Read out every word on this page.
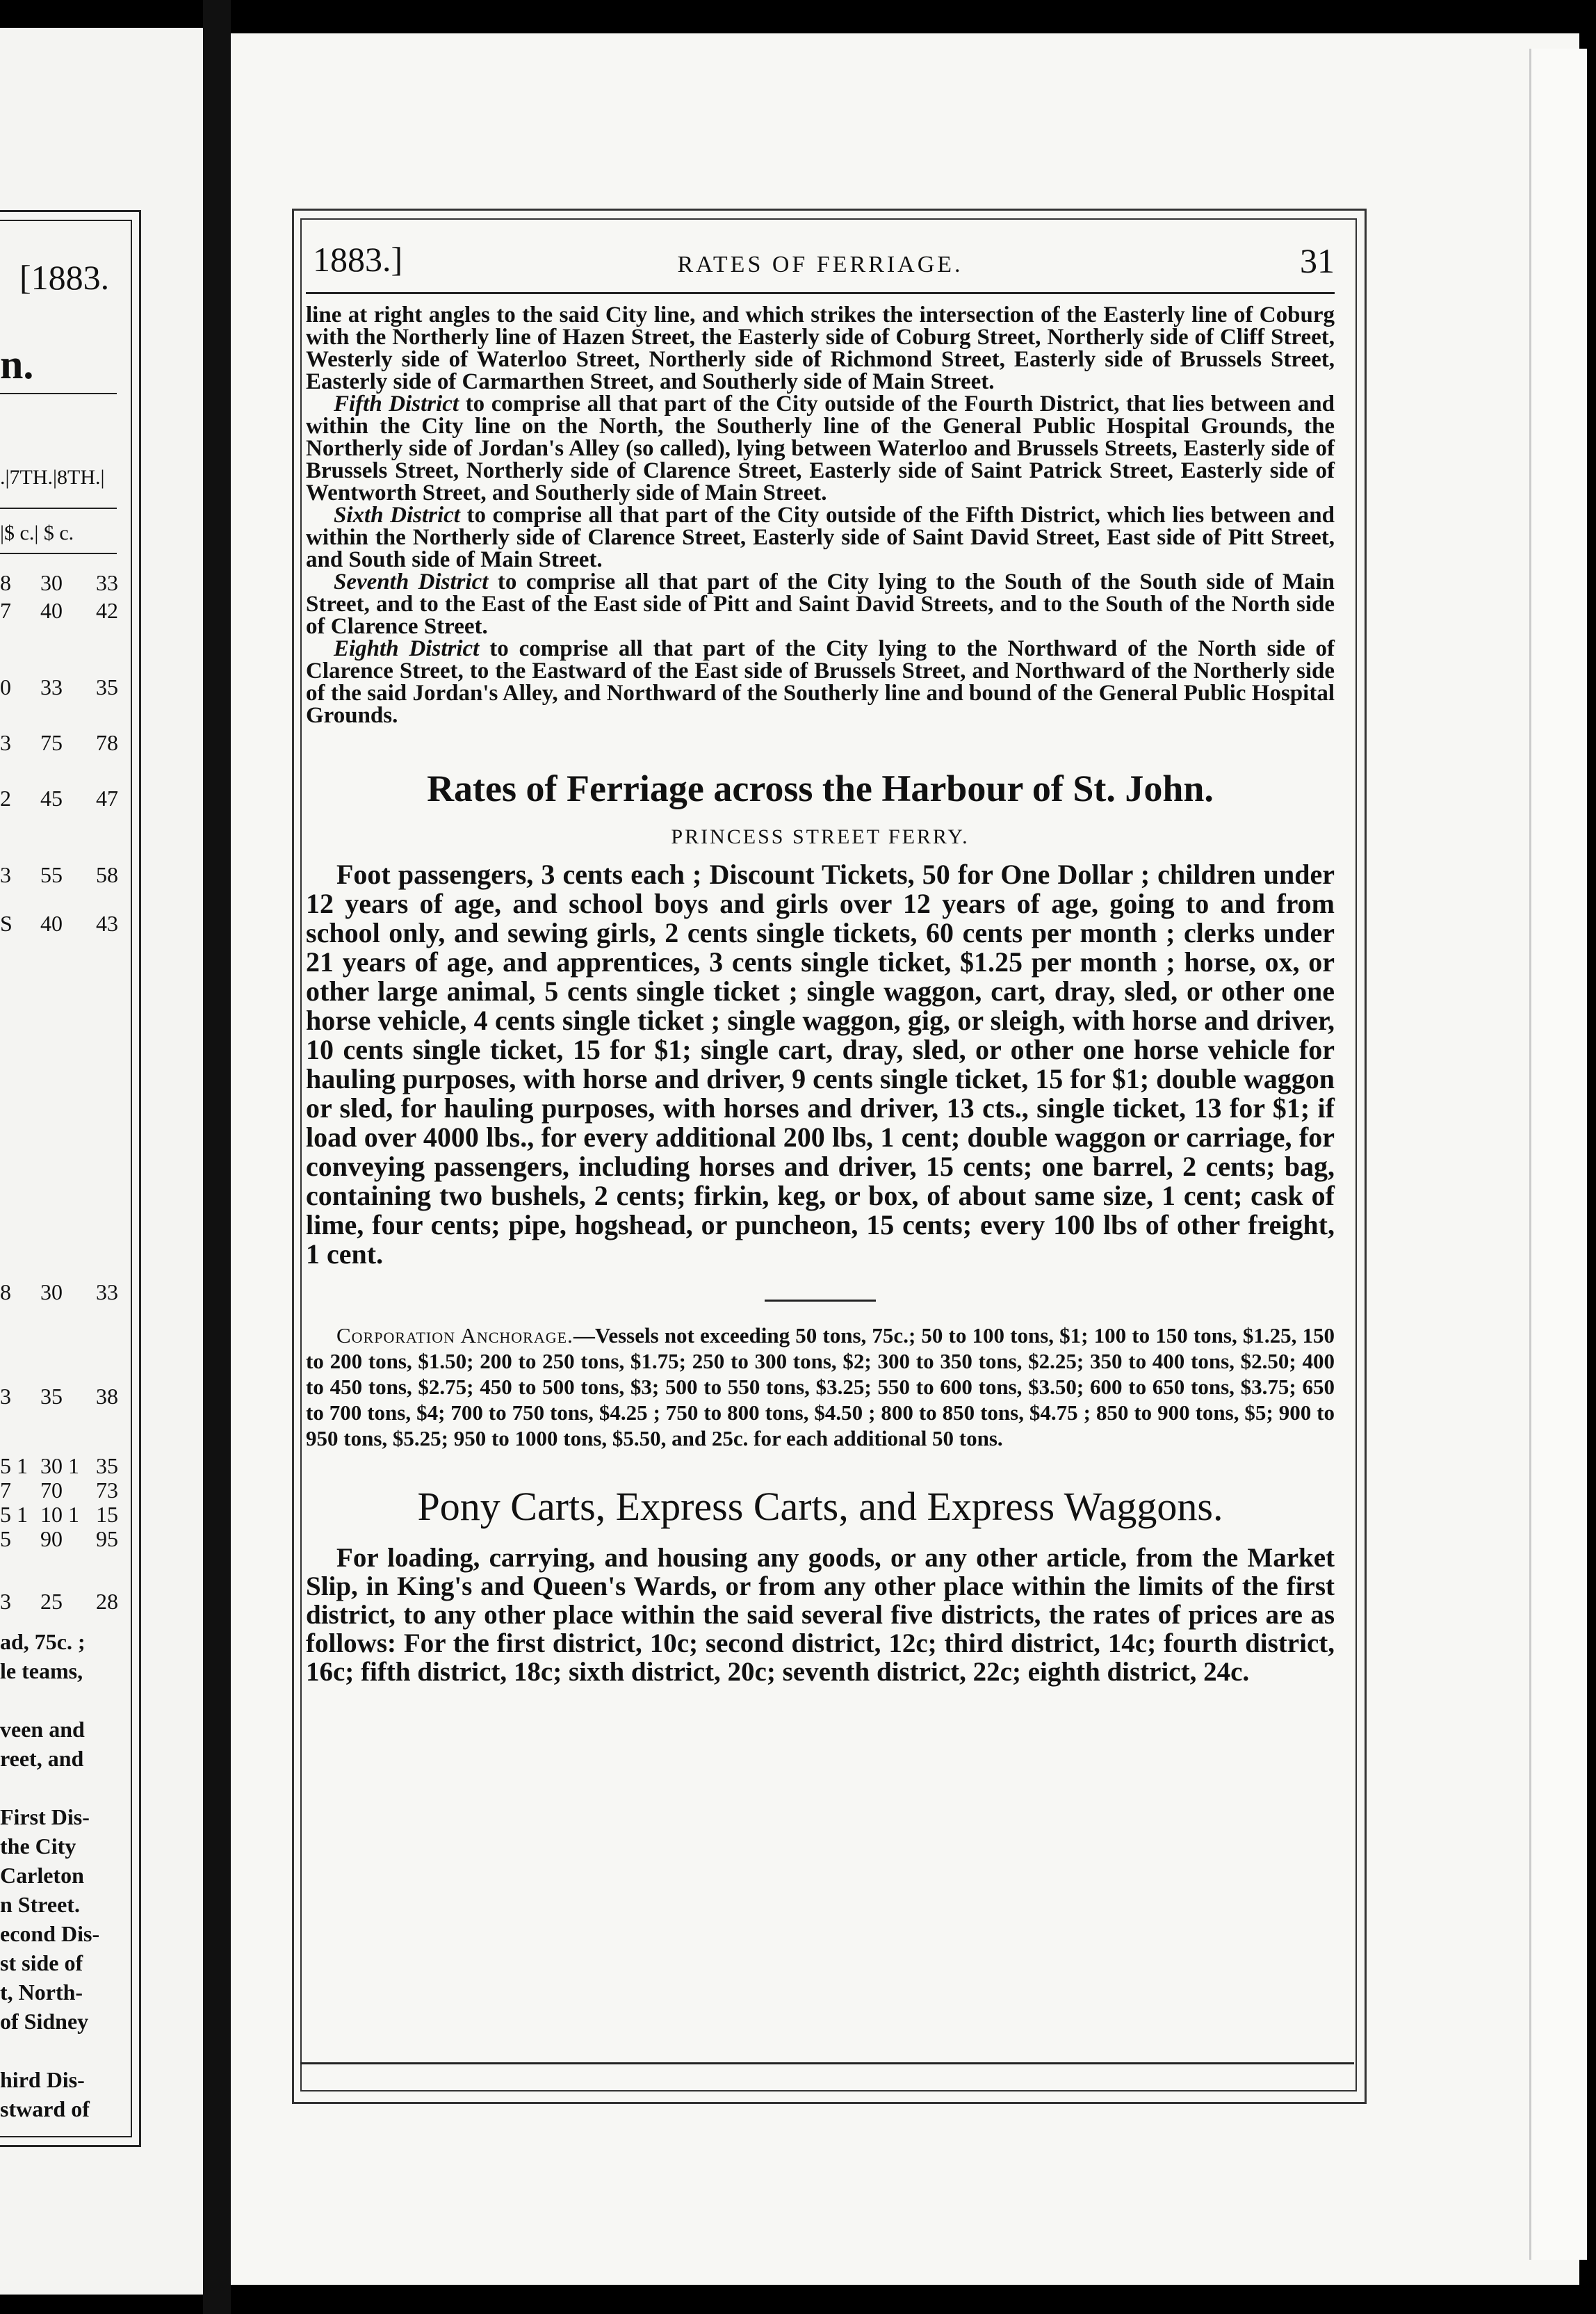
[1883.
n.
.|7TH.|8TH.|
|$ c.| $ c.
8 30 33
7 40 42
0 33 35
3 75 78
2 45 47
3 55 58
S 40 43
8 30 33
3 35 38
5 1 30 1 35
7 70 73
5 1 10 1 15
5 90 95
3 25 28
ad, 75c. ;
le teams,
veen and
reet, and
First Dis-
the City
Carleton
n Street.
econd Dis-
st side of
t, North-
of Sidney
hird Dis-
stward of
1883.]	RATES OF FERRIAGE.	31

line at right angles to the said City line, and which strikes the intersection of the Easterly line of Coburg with the Northerly line of Hazen Street, the Easterly side of Coburg Street, Northerly side of Cliff Street, Westerly side of Waterloo Street, Northerly side of Richmond Street, Easterly side of Brussels Street, Easterly side of Carmarthen Street, and Southerly side of Main Street.

Fifth District to comprise all that part of the City outside of the Fourth District, that lies between and within the City line on the North, the Southerly line of the General Public Hospital Grounds, the Northerly side of Jordan's Alley (so called), lying between Waterloo and Brussels Streets, Easterly side of Brussels Street, Northerly side of Clarence Street, Easterly side of Saint Patrick Street, Easterly side of Wentworth Street, and Southerly side of Main Street.

Sixth District to comprise all that part of the City outside of the Fifth District, which lies between and within the Northerly side of Clarence Street, Easterly side of Saint David Street, East side of Pitt Street, and South side of Main Street.

Seventh District to comprise all that part of the City lying to the South of the South side of Main Street, and to the East of the East side of Pitt and Saint David Streets, and to the South of the North side of Clarence Street.

Eighth District to comprise all that part of the City lying to the Northward of the North side of Clarence Street, to the Eastward of the East side of Brussels Street, and Northward of the Northerly side of the said Jordan's Alley, and Northward of the Southerly line and bound of the General Public Hospital Grounds.

Rates of Ferriage across the Harbour of St. John.
PRINCESS STREET FERRY.

Foot passengers, 3 cents each ; Discount Tickets, 50 for One Dollar ; children under 12 years of age, and school boys and girls over 12 years of age, going to and from school only, and sewing girls, 2 cents single tickets, 60 cents per month ; clerks under 21 years of age, and apprentices, 3 cents single ticket, $1.25 per month ; horse, ox, or other large animal, 5 cents single ticket ; single waggon, cart, dray, sled, or other one horse vehicle, 4 cents single ticket ; single waggon, gig, or sleigh, with horse and driver, 10 cents single ticket, 15 for $1; single cart, dray, sled, or other one horse vehicle for hauling purposes, with horse and driver, 9 cents single ticket, 15 for $1; double waggon or sled, for hauling purposes, with horses and driver, 13 cts., single ticket, 13 for $1; if load over 4000 lbs., for every additional 200 lbs, 1 cent; double waggon or carriage, for conveying passengers, including horses and driver, 15 cents; one barrel, 2 cents; bag, containing two bushels, 2 cents; firkin, keg, or box, of about same size, 1 cent; cask of lime, four cents; pipe, hogshead, or puncheon, 15 cents; every 100 lbs of other freight, 1 cent.

Corporation Anchorage.—Vessels not exceeding 50 tons, 75c.; 50 to 100 tons, $1; 100 to 150 tons, $1.25, 150 to 200 tons, $1.50; 200 to 250 tons, $1.75; 250 to 300 tons, $2; 300 to 350 tons, $2.25; 350 to 400 tons, $2.50; 400 to 450 tons, $2.75; 450 to 500 tons, $3; 500 to 550 tons, $3.25; 550 to 600 tons, $3.50; 600 to 650 tons, $3.75; 650 to 700 tons, $4; 700 to 750 tons, $4.25 ; 750 to 800 tons, $4.50 ; 800 to 850 tons, $4.75 ; 850 to 900 tons, $5; 900 to 950 tons, $5.25; 950 to 1000 tons, $5.50, and 25c. for each additional 50 tons.

Pony Carts, Express Carts, and Express Waggons.

For loading, carrying, and housing any goods, or any other article, from the Market Slip, in King's and Queen's Wards, or from any other place within the limits of the first district, to any other place within the said several five districts, the rates of prices are as follows: For the first district, 10c; second district, 12c; third district, 14c; fourth district, 16c; fifth district, 18c; sixth district, 20c; seventh district, 22c; eighth district, 24c.
